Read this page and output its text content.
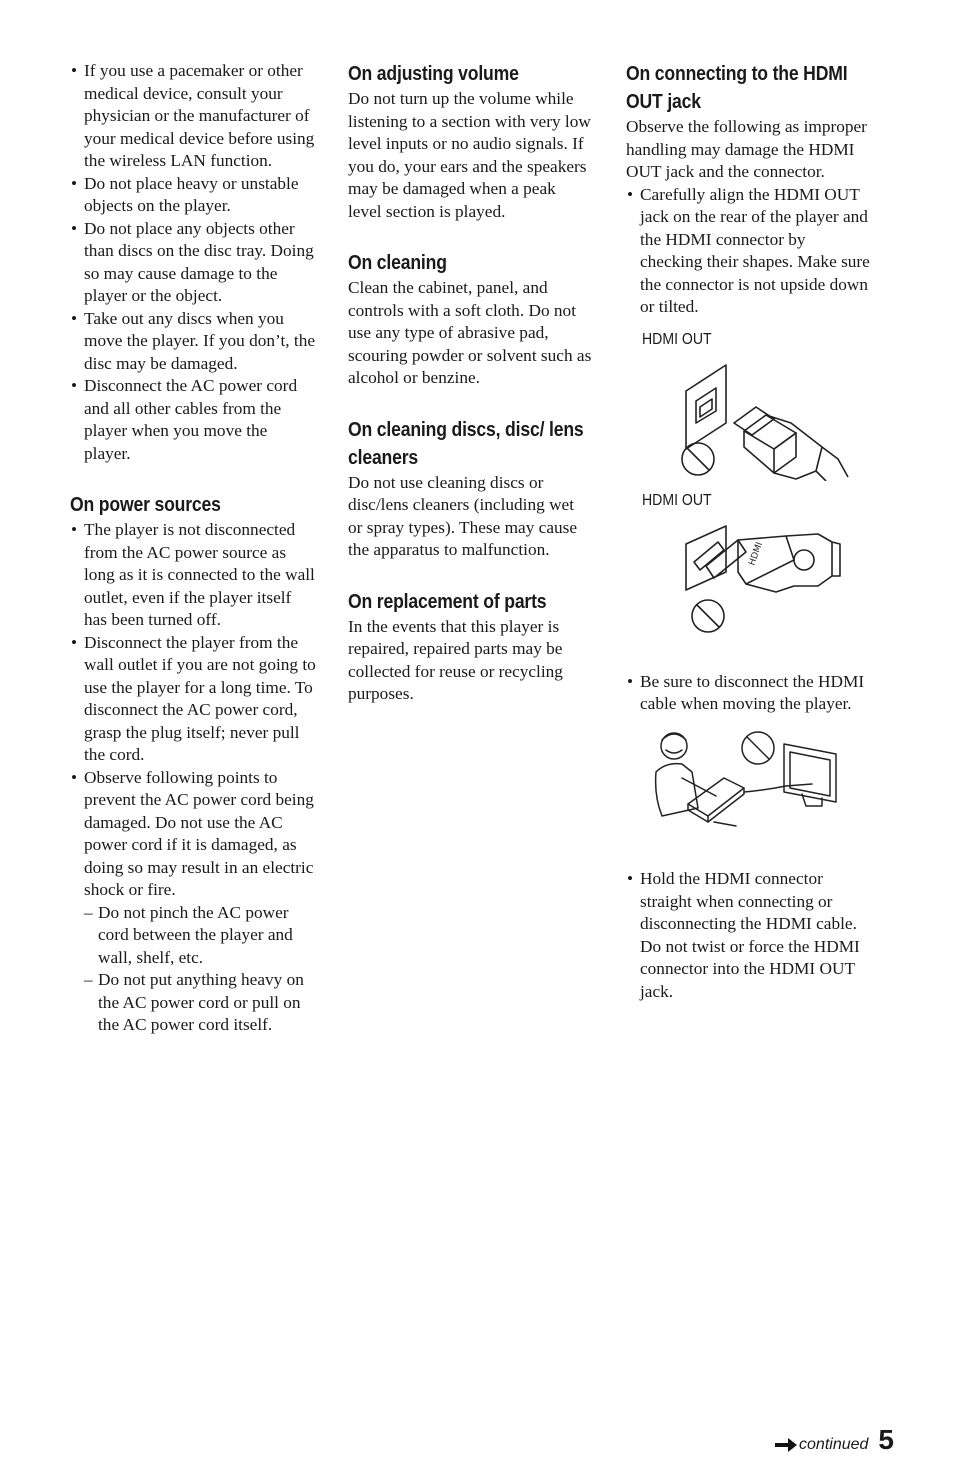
• If you use a pacemaker or other medical device, consult your physician or the manufacturer of your medical device before using the wireless LAN function.
• Do not place heavy or unstable objects on the player.
• Do not place any objects other than discs on the disc tray. Doing so may cause damage to the player or the object.
• Take out any discs when you move the player. If you don’t, the disc may be damaged.
• Disconnect the AC power cord and all other cables from the player when you move the player.
On power sources
• The player is not disconnected from the AC power source as long as it is connected to the wall outlet, even if the player itself has been turned off.
• Disconnect the player from the wall outlet if you are not going to use the player for a long time. To disconnect the AC power cord, grasp the plug itself; never pull the cord.
• Observe following points to prevent the AC power cord being damaged. Do not use the AC power cord if it is damaged, as doing so may result in an electric shock or fire.
– Do not pinch the AC power cord between the player and wall, shelf, etc.
– Do not put anything heavy on the AC power cord or pull on the AC power cord itself.
On adjusting volume

Do not turn up the volume while listening to a section with very low level inputs or no audio signals. If you do, your ears and the speakers may be damaged when a peak level section is played.

On cleaning

Clean the cabinet, panel, and controls with a soft cloth. Do not use any type of abrasive pad, scouring powder or solvent such as alcohol or benzine.

On cleaning discs, disc/ lens cleaners

Do not use cleaning discs or disc/lens cleaners (including wet or spray types). These may cause the apparatus to malfunction.

On replacement of parts

In the events that this player is repaired, repaired parts may be collected for reuse or recycling purposes.

On connecting to the HDMI OUT jack

Observe the following as improper handling may damage the HDMI OUT jack and the connector.

• Carefully align the HDMI OUT jack on the rear of the player and the HDMI connector by checking their shapes. Make sure the connector is not upside down or tilted.
HDMI OUT
HDMI OUT
HDMI
• Be sure to disconnect the HDMI cable when moving the player.
• Hold the HDMI connector straight when connecting or disconnecting the HDMI cable. Do not twist or force the HDMI connector into the HDMI OUT jack.
continued 5
